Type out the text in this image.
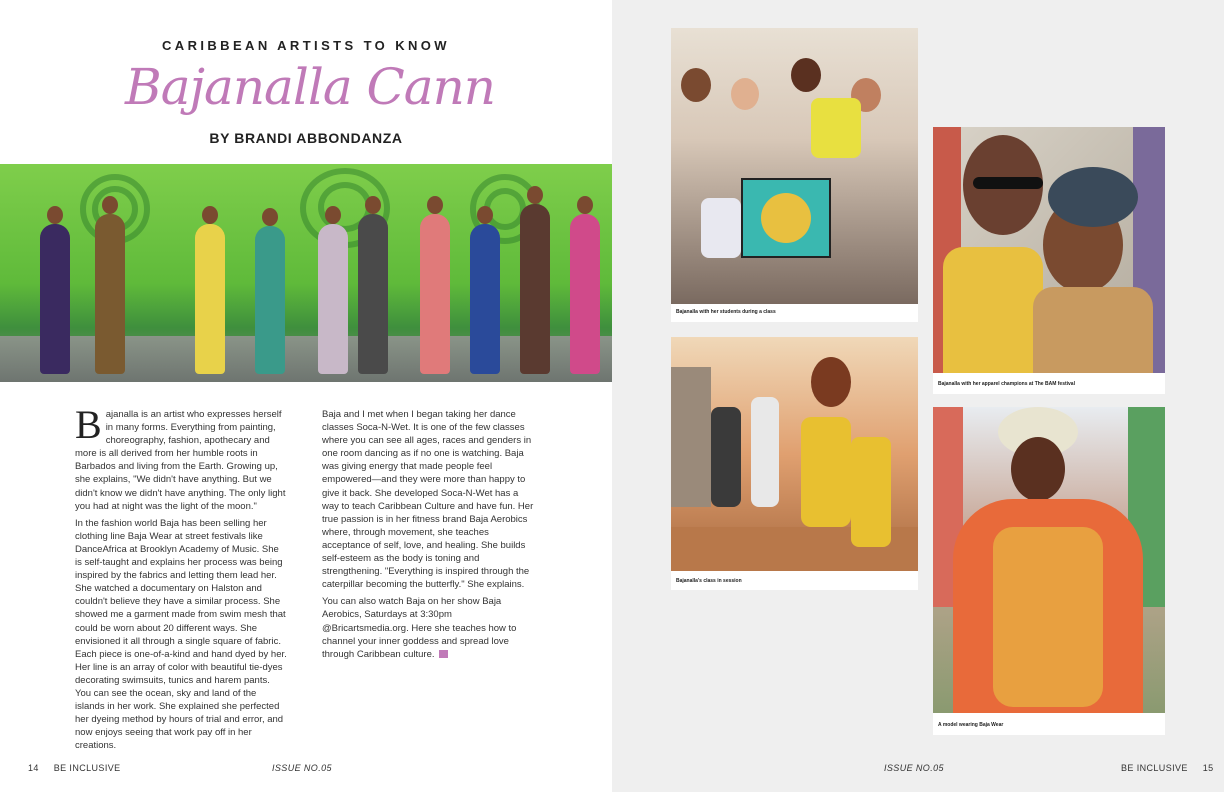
CARIBBEAN ARTISTS TO KNOW
Bajanalla Cann
BY BRANDI ABBONDANZA

Bajanalla is an artist who expresses herself in many forms. Everything from painting, choreography, fashion, apothecary and more is all derived from her humble roots in Barbados and living from the Earth. Growing up, she explains, "We didn't have anything. But we didn't know we didn't have anything. The only light you had at night was the light of the moon."

In the fashion world Baja has been selling her clothing line Baja Wear at street festivals like DanceAfrica at Brooklyn Academy of Music. She is self-taught and explains her process was being inspired by the fabrics and letting them lead her. She watched a documentary on Halston and couldn't believe they have a similar process. She showed me a garment made from swim mesh that could be worn about 20 different ways. She envisioned it all through a single square of fabric. Each piece is one-of-a-kind and hand dyed by her. Her line is an array of color with beautiful tie-dyes decorating swimsuits, tunics and harem pants. You can see the ocean, sky and land of the islands in her work. She explained she perfected her dyeing method by hours of trial and error, and now enjoys seeing that work pay off in her creations.

Baja and I met when I began taking her dance classes Soca-N-Wet. It is one of the few classes where you can see all ages, races and genders in one room dancing as if no one is watching. Baja was giving energy that made people feel empowered—and they were more than happy to give it back. She developed Soca-N-Wet has a way to teach Caribbean Culture and have fun. Her true passion is in her fitness brand Baja Aerobics where, through movement, she teaches acceptance of self, love, and healing. She builds self-esteem as the body is toning and strengthening. "Everything is inspired through the caterpillar becoming the butterfly." She explains.

You can also watch Baja on her show Baja Aerobics, Saturdays at 3:30pm @Bricartsmedia.org. Here she teaches how to channel your inner goddess and spread love through Caribbean culture.

14 BE INCLUSIVE	ISSUE NO.05
Bajanalla with her students during a class
Bajanalla with her apparel champions at The BAM festival
Bajanalla's class in session
A model wearing Baja Wear
ISSUE NO.05	BE INCLUSIVE 15
